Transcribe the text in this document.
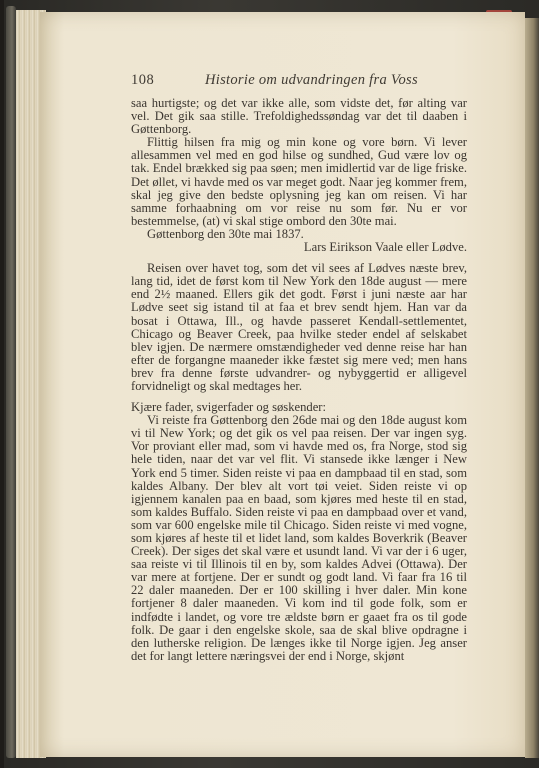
108	Historie om udvandringen fra Voss

saa hurtigste; og det var ikke alle, som vidste det, før alting var vel. Det gik saa stille. Trefoldighedssøndag var det til daaben i Gøttenborg.

Flittig hilsen fra mig og min kone og vore børn. Vi lever allesammen vel med en god hilse og sundhed, Gud være lov og tak. Endel brækked sig paa søen; men imidlertid var de lige friske. Det øllet, vi havde med os var meget godt. Naar jeg kommer frem, skal jeg give den bedste oplysning jeg kan om reisen. Vi har samme forhaabning om vor reise nu som før. Nu er vor bestemmelse, (at) vi skal stige ombord den 30te mai.

Gøttenborg den 30te mai 1837.

Lars Eirikson Vaale eller Lødve.

Reisen over havet tog, som det vil sees af Lødves næste brev, lang tid, idet de først kom til New York den 18de august — mere end 2½ maaned. Ellers gik det godt. Først i juni næste aar har Lødve seet sig istand til at faa et brev sendt hjem. Han var da bosat i Ottawa, Ill., og havde passeret Kendall-settlementet, Chicago og Beaver Creek, paa hvilke steder endel af selskabet blev igjen. De nærmere omstændigheder ved denne reise har han efter de forgangne maaneder ikke fæstet sig mere ved; men hans brev fra denne første udvandrer- og nybyggertid er alligevel forvidneligt og skal medtages her.

Kjære fader, svigerfader og søskender:

Vi reiste fra Gøttenborg den 26de mai og den 18de august kom vi til New York; og det gik os vel paa reisen. Der var ingen syg. Vor proviant eller mad, som vi havde med os, fra Norge, stod sig hele tiden, naar det var vel flit. Vi stansede ikke længer i New York end 5 timer. Siden reiste vi paa en dampbaad til en stad, som kaldes Albany. Der blev alt vort tøi veiet. Siden reiste vi op igjennem kanalen paa en baad, som kjøres med heste til en stad, som kaldes Buffalo. Siden reiste vi paa en dampbaad over et vand, som var 600 engelske mile til Chicago. Siden reiste vi med vogne, som kjøres af heste til et lidet land, som kaldes Boverkrik (Beaver Creek). Der siges det skal være et usundt land. Vi var der i 6 uger, saa reiste vi til Illinois til en by, som kaldes Advei (Ottawa). Der var mere at fortjene. Der er sundt og godt land. Vi faar fra 16 til 22 daler maaneden. Der er 100 skilling i hver daler. Min kone fortjener 8 daler maaneden. Vi kom ind til gode folk, som er indfødte i landet, og vore tre ældste børn er gaaet fra os til gode folk. De gaar i den engelske skole, saa de skal blive opdragne i den lutherske religion. De længes ikke til Norge igjen. Jeg anser det for langt lettere næringsvei der end i Norge, skjønt
